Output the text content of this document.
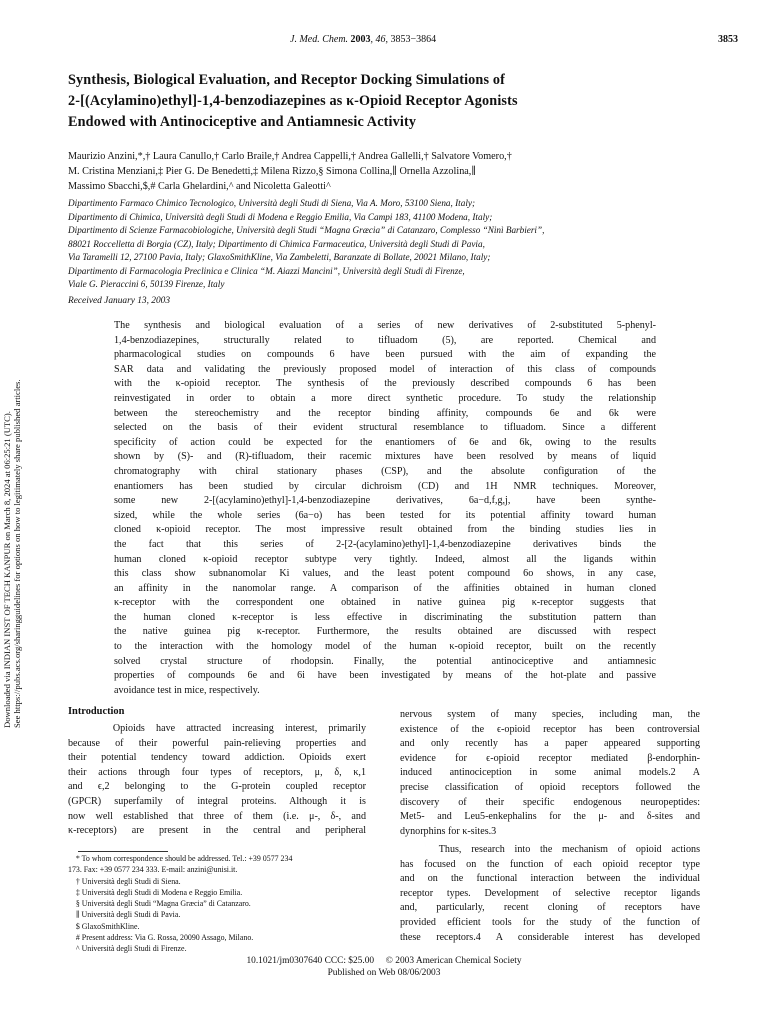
J. Med. Chem. 2003, 46, 3853−3864	3853
Synthesis, Biological Evaluation, and Receptor Docking Simulations of
2-[(Acylamino)ethyl]-1,4-benzodiazepines as κ-Opioid Receptor Agonists
Endowed with Antinociceptive and Antiamnesic Activity
Maurizio Anzini,*,† Laura Canullo,† Carlo Braile,† Andrea Cappelli,† Andrea Gallelli,† Salvatore Vomero,†
M. Cristina Menziani,‡ Pier G. De Benedetti,‡ Milena Rizzo,§ Simona Collina,∥ Ornella Azzolina,∥
Massimo Sbacchi,$,# Carla Ghelardini,^ and Nicoletta Galeotti^
Dipartimento Farmaco Chimico Tecnologico, Università degli Studi di Siena, Via A. Moro, 53100 Siena, Italy;
Dipartimento di Chimica, Università degli Studi di Modena e Reggio Emilia, Via Campi 183, 41100 Modena, Italy;
Dipartimento di Scienze Farmacobiologiche, Università degli Studi “Magna Græcia” di Catanzaro, Complesso “Ninì Barbieri”,
88021 Roccelletta di Borgia (CZ), Italy; Dipartimento di Chimica Farmaceutica, Università degli Studi di Pavia,
Via Taramelli 12, 27100 Pavia, Italy; GlaxoSmithKline, Via Zambeletti, Baranzate di Bollate, 20021 Milano, Italy;
Dipartimento di Farmacologia Preclinica e Clinica “M. Aiazzi Mancini”, Università degli Studi di Firenze,
Viale G. Pieraccini 6, 50139 Firenze, Italy
Received January 13, 2003
The synthesis and biological evaluation of a series of new derivatives of 2-substituted 5-phenyl-
1,4-benzodiazepines, structurally related to tifluadom (5), are reported. Chemical and
pharmacological studies on compounds 6 have been pursued with the aim of expanding the
SAR data and validating the previously proposed model of interaction of this class of compounds
with the κ-opioid receptor. The synthesis of the previously described compounds 6 has been
reinvestigated in order to obtain a more direct synthetic procedure. To study the relationship
between the stereochemistry and the receptor binding affinity, compounds 6e and 6k were
selected on the basis of their evident structural resemblance to tifluadom. Since a different
specificity of action could be expected for the enantiomers of 6e and 6k, owing to the results
shown by (S)- and (R)-tifluadom, their racemic mixtures have been resolved by means of liquid
chromatography with chiral stationary phases (CSP), and the absolute configuration of the
enantiomers has been studied by circular dichroism (CD) and 1H NMR techniques. Moreover,
some new 2-[(acylamino)ethyl]-1,4-benzodiazepine derivatives, 6a−d,f,g,j, have been synthe-
sized, while the whole series (6a−o) has been tested for its potential affinity toward human
cloned κ-opioid receptor. The most impressive result obtained from the binding studies lies in
the fact that this series of 2-[2-(acylamino)ethyl]-1,4-benzodiazepine derivatives binds the
human cloned κ-opioid receptor subtype very tightly. Indeed, almost all the ligands within
this class show subnanomolar Ki values, and the least potent compound 6o shows, in any case,
an affinity in the nanomolar range. A comparison of the affinities obtained in human cloned
κ-receptor with the correspondent one obtained in native guinea pig κ-receptor suggests that
the human cloned κ-receptor is less effective in discriminating the substitution pattern than
the native guinea pig κ-receptor. Furthermore, the results obtained are discussed with respect
to the interaction with the homology model of the human κ-opioid receptor, built on the recently
solved crystal structure of rhodopsin. Finally, the potential antinociceptive and antiamnesic
properties of compounds 6e and 6i have been investigated by means of the hot-plate and passive
avoidance test in mice, respectively.
Downloaded via INDIAN INST OF TECH KANPUR on March 8, 2024 at 06:25:21 (UTC). See https://pubs.acs.org/sharingguidelines for options on how to legitimately share published articles.	Introduction
Opioids have attracted increasing interest, primarily
because of their powerful pain-relieving properties and
their potential tendency toward addiction. Opioids exert
their actions through four types of receptors, μ, δ, κ,1
and ϵ,2 belonging to the G-protein coupled receptor
(GPCR) superfamily of integral proteins. Although it is
now well established that three of them (i.e. μ-, δ-, and
κ-receptors) are present in the central and peripheral
nervous system of many species, including man, the
existence of the ϵ-opioid receptor has been controversial
and only recently has a paper appeared supporting
evidence for ϵ-opioid receptor mediated β-endorphin-
induced antinociception in some animal models.2 A
precise classification of opioid receptors followed the
discovery of their specific endogenous neuropeptides:
Met5- and Leu5-enkephalins for the μ- and δ-sites and
dynorphins for κ-sites.3
Thus, research into the mechanism of opioid actions
has focused on the function of each opioid receptor type
and on the functional interaction between the individual
receptor types. Development of selective receptor ligands
and, particularly, recent cloning of receptors have
provided efficient tools for the study of the function of
these receptors.4 A considerable interest has developed
* To whom correspondence should be addressed. Tel.: +39 0577 234
173. Fax: +39 0577 234 333. E-mail: anzini@unisi.it.
† Università degli Studi di Siena.
‡ Università degli Studi di Modena e Reggio Emilia.
§ Università degli Studi “Magna Græcia” di Catanzaro.
∥ Università degli Studi di Pavia.
$ GlaxoSmithKline.
# Present address: Via G. Rossa, 20090 Assago, Milano.
^ Università degli Studi di Firenze.
10.1021/jm0307640 CCC: $25.00     © 2003 American Chemical Society
Published on Web 08/06/2003
